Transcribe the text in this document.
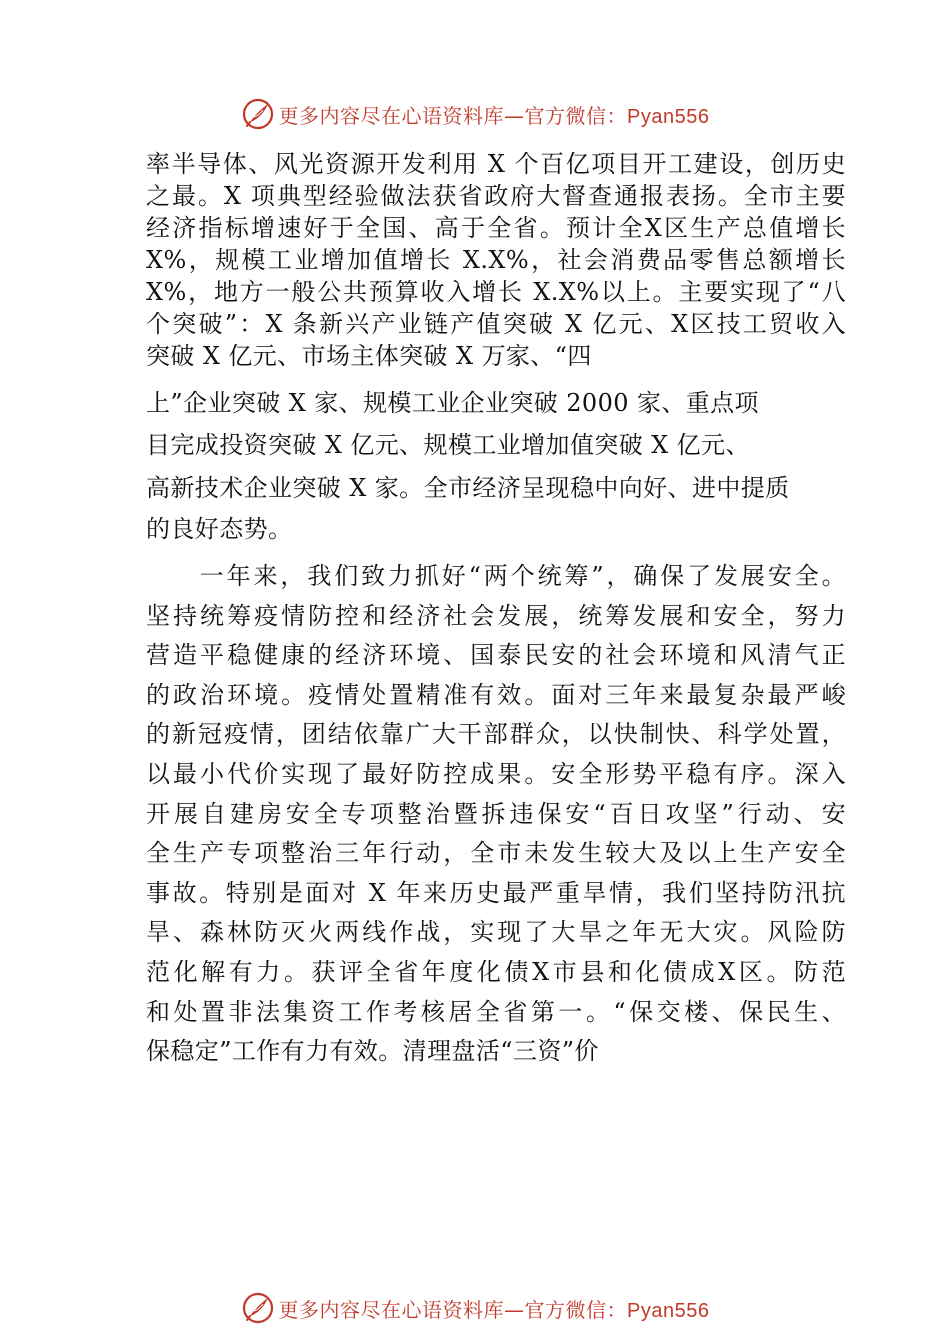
更多内容尽在心语资料库—官方微信：Pyan556
率半导体、风光资源开发利用 X 个百亿项目开工建设，创历史
之最。X 项典型经验做法获省政府大督查通报表扬。全市主要
经济指标增速好于全国、高于全省。预计全X区生产总值增长
X%，规模工业增加值增长 X.X%，社会消费品零售总额增长
X%，地方一般公共预算收入增长 X.X%以上。主要实现了“八
个突破”：X 条新兴产业链产值突破 X 亿元、X区技工贸收入
突破 X 亿元、市场主体突破 X 万家、“四
上”企业突破 X 家、规模工业企业突破 2000 家、重点项
目完成投资突破 X 亿元、规模工业增加值突破 X 亿元、
高新技术企业突破 X 家。全市经济呈现稳中向好、进中提质
的良好态势。
　　一年来，我们致力抓好“两个统筹”，确保了发展安全。
坚持统筹疫情防控和经济社会发展，统筹发展和安全，努力
营造平稳健康的经济环境、国泰民安的社会环境和风清气正
的政治环境。疫情处置精准有效。面对三年来最复杂最严峻
的新冠疫情，团结依靠广大干部群众，以快制快、科学处置，
以最小代价实现了最好防控成果。安全形势平稳有序。深入
开展自建房安全专项整治暨拆违保安“百日攻坚”行动、安
全生产专项整治三年行动，全市未发生较大及以上生产安全
事故。特别是面对 X 年来历史最严重旱情，我们坚持防汛抗
旱、森林防灭火两线作战，实现了大旱之年无大灾。风险防
范化解有力。获评全省年度化债X市县和化债成X区。防范
和处置非法集资工作考核居全省第一。“保交楼、保民生、
保稳定”工作有力有效。清理盘活“三资”价
更多内容尽在心语资料库—官方微信：Pyan556
